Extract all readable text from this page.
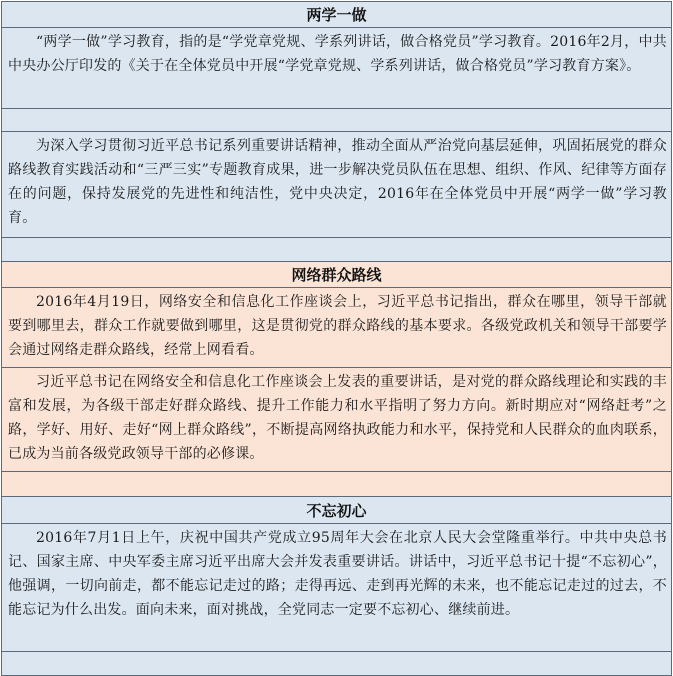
两学一做
“两学一做”学习教育，指的是“学党章党规、学系列讲话，做合格党员”学习教育。2016年2月，中共中央办公厅印发的《关于在全体党员中开展“学党章党规、学系列讲话，做合格党员”学习教育方案》。
为深入学习贯彻习近平总书记系列重要讲话精神，推动全面从严治党向基层延伸，巩固拓展党的群众路线教育实践活动和“三严三实”专题教育成果，进一步解决党员队伍在思想、组织、作风、纪律等方面存在的问题，保持发展党的先进性和纯洁性，党中央决定，2016年在全体党员中开展“两学一做”学习教育。
网络群众路线
2016年4月19日，网络安全和信息化工作座谈会上，习近平总书记指出，群众在哪里，领导干部就要到哪里去，群众工作就要做到哪里，这是贯彻党的群众路线的基本要求。各级党政机关和领导干部要学会通过网络走群众路线，经常上网看看。
习近平总书记在网络安全和信息化工作座谈会上发表的重要讲话，是对党的群众路线理论和实践的丰富和发展，为各级干部走好群众路线、提升工作能力和水平指明了努力方向。新时期应对“网络赶考”之路，学好、用好、走好“网上群众路线”，不断提高网络执政能力和水平，保持党和人民群众的血肉联系，已成为当前各级党政领导干部的必修课。
不忘初心
2016年7月1日上午，庆祝中国共产党成立95周年大会在北京人民大会堂隆重举行。中共中央总书记、国家主席、中央军委主席习近平出席大会并发表重要讲话。讲话中，习近平总书记十提“不忘初心”，他强调，一切向前走，都不能忘记走过的路；走得再远、走到再光辉的未来，也不能忘记走过的过去，不能忘记为什么出发。面向未来，面对挑战，全党同志一定要不忘初心、继续前进。
